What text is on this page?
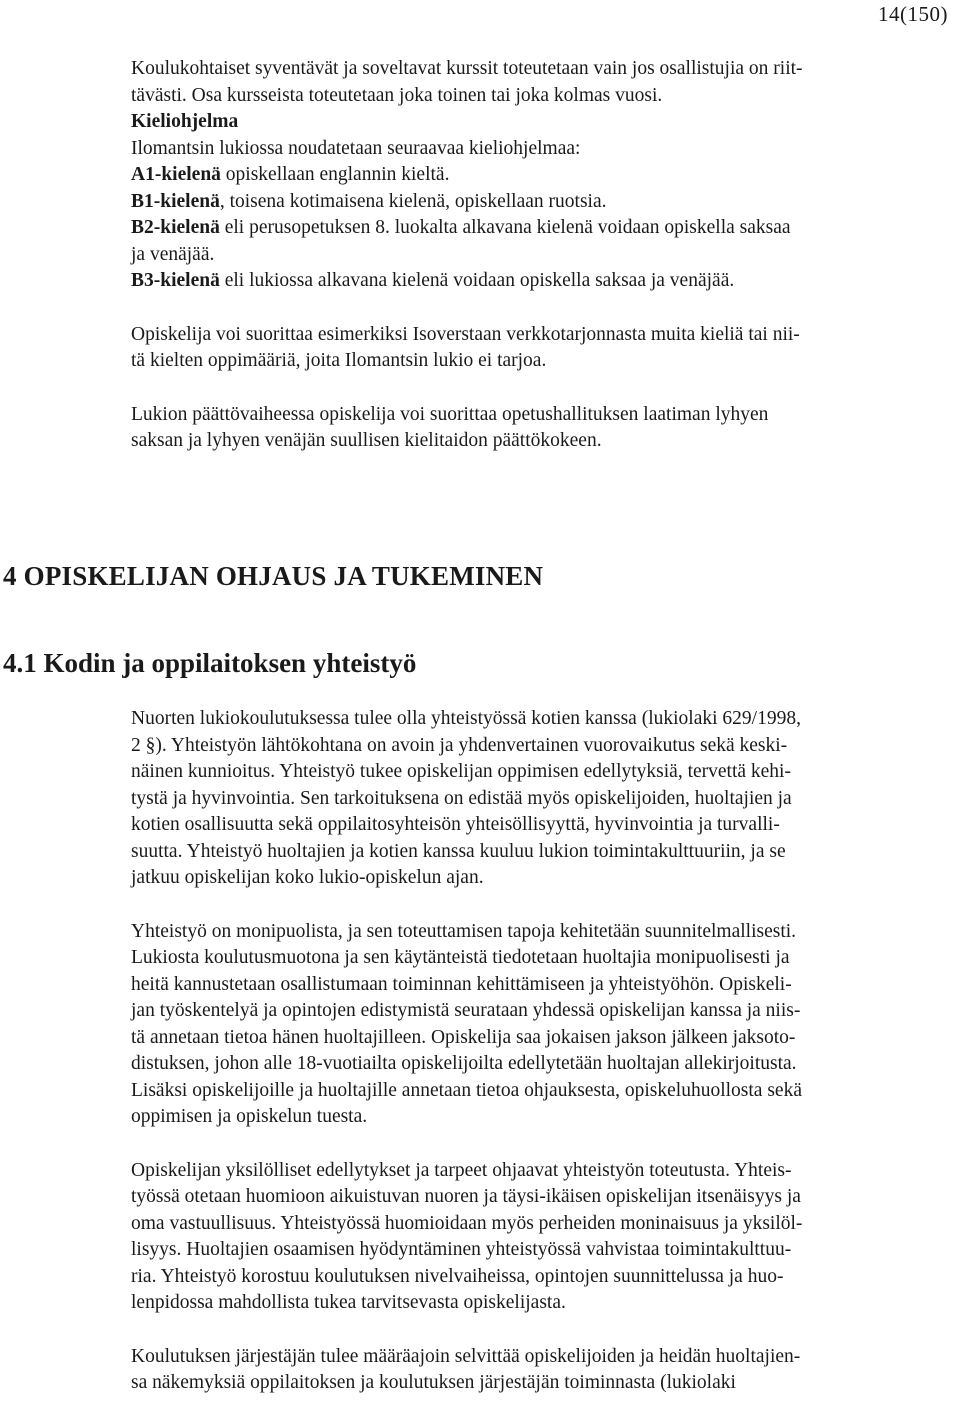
14(150)

Koulukohtaiset syventävät ja soveltavat kurssit toteutetaan vain jos osallistujia on riit-

tävästi. Osa kursseista toteutetaan joka toinen tai joka kolmas vuosi.

Kieliohjelma

Ilomantsin lukiossa noudatetaan seuraavaa kieliohjelmaa:

A1-kielenä opiskellaan englannin kieltä.

B1-kielenä, toisena kotimaisena kielenä, opiskellaan ruotsia.

B2-kielenä eli perusopetuksen 8. luokalta alkavana kielenä voidaan opiskella saksaa

ja venäjää.

B3-kielenä eli lukiossa alkavana kielenä voidaan opiskella saksaa ja venäjää.

Opiskelija voi suorittaa esimerkiksi Isoverstaan verkkotarjonnasta muita kieliä tai nii-

tä kielten oppimääriä, joita Ilomantsin lukio ei tarjoa.

Lukion päättövaiheessa opiskelija voi suorittaa opetushallituksen laatiman lyhyen

saksan ja lyhyen venäjän suullisen kielitaidon päättökokeen.

4 OPISKELIJAN OHJAUS JA TUKEMINEN
4.1 Kodin ja oppilaitoksen yhteistyö

Nuorten lukiokoulutuksessa tulee olla yhteistyössä kotien kanssa (lukiolaki 629/1998,

2 §). Yhteistyön lähtökohtana on avoin ja yhdenvertainen vuorovaikutus sekä keski-

näinen kunnioitus. Yhteistyö tukee opiskelijan oppimisen edellytyksiä, tervettä kehi-

tystä ja hyvinvointia. Sen tarkoituksena on edistää myös opiskelijoiden, huoltajien ja

kotien osallisuutta sekä oppilaitosyhteisön yhteisöllisyyttä, hyvinvointia ja turvalli-

suutta. Yhteistyö huoltajien ja kotien kanssa kuuluu lukion toimintakulttuuriin, ja se

jatkuu opiskelijan koko lukio-opiskelun ajan.

Yhteistyö on monipuolista, ja sen toteuttamisen tapoja kehitetään suunnitelmallisesti.

Lukiosta koulutusmuotona ja sen käytänteistä tiedotetaan huoltajia monipuolisesti ja

heitä kannustetaan osallistumaan toiminnan kehittämiseen ja yhteistyöhön. Opiskeli-

jan työskentelyä ja opintojen edistymistä seurataan yhdessä opiskelijan kanssa ja niis-

tä annetaan tietoa hänen huoltajilleen. Opiskelija saa jokaisen jakson jälkeen jaksoto-

distuksen, johon alle 18-vuotiailta opiskelijoilta edellytetään huoltajan allekirjoitusta.

Lisäksi opiskelijoille ja huoltajille annetaan tietoa ohjauksesta, opiskeluhuollosta sekä

oppimisen ja opiskelun tuesta.

Opiskelijan yksilölliset edellytykset ja tarpeet ohjaavat yhteistyön toteutusta. Yhteis-

työssä otetaan huomioon aikuistuvan nuoren ja täysi-ikäisen opiskelijan itsenäisyys ja

oma vastuullisuus. Yhteistyössä huomioidaan myös perheiden moninaisuus ja yksilöl-

lisyys. Huoltajien osaamisen hyödyntäminen yhteistyössä vahvistaa toimintakulttuu-

ria. Yhteistyö korostuu koulutuksen nivelvaiheissa, opintojen suunnittelussa ja huo-

lenpidossa mahdollista tukea tarvitsevasta opiskelijasta.

Koulutuksen järjestäjän tulee määräajoin selvittää opiskelijoiden ja heidän huoltajien-

sa näkemyksiä oppilaitoksen ja koulutuksen järjestäjän toiminnasta (lukiolaki
